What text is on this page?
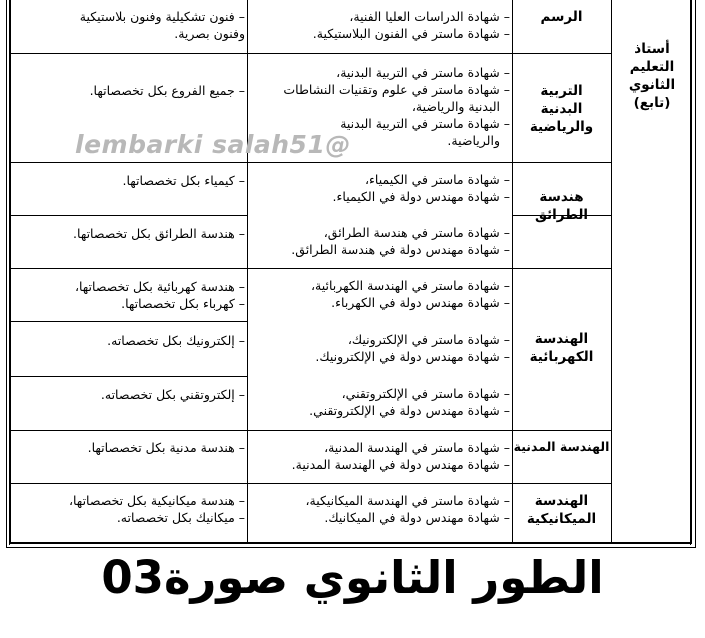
أستاذ
التعليم
الثانوي
(تابع)
الرسم
التربية
البدنية
والرياضية
هندسة
الطرائق
الهندسة
الكهربائية
الهندسة المدنية
الهندسة
الميكانيكية
– شهادة الدراسات العليا الفنية،
– شهادة ماستر في الفنون البلاستيكية.
– شهادة ماستر في التربية البدنية،
– شهادة ماستر في علوم وتقنيات النشاطات
البدنية والرياضية،
– شهادة ماستر في التربية البدنية
والرياضية.
– شهادة ماستر في الكيمياء،
– شهادة مهندس دولة في الكيمياء.
– شهادة ماستر في هندسة الطرائق،
– شهادة مهندس دولة في هندسة الطرائق.
– شهادة ماستر في الهندسة الكهربائية،
– شهادة مهندس دولة في الكهرباء.
– شهادة ماستر في الإلكترونيك،
– شهادة مهندس دولة في الإلكترونيك.
– شهادة ماستر في الإلكتروتقني،
– شهادة مهندس دولة في الإلكتروتقني.
– شهادة ماستر في الهندسة المدنية،
– شهادة مهندس دولة في الهندسة المدنية.
– شهادة ماستر في الهندسة الميكانيكية،
– شهادة مهندس دولة في الميكانيك.
– فنون تشكيلية وفنون بلاستيكية
وفنون بصرية.
– جميع الفروع بكل تخصصاتها.
– كيمياء بكل تخصصاتها.
– هندسة الطرائق بكل تخصصاتها.
– هندسة كهربائية بكل تخصصاتها،
– كهرباء بكل تخصصاتها.
– إلكترونيك بكل تخصصاته.
– إلكتروتقني بكل تخصصاته.
– هندسة مدنية بكل تخصصاتها.
– هندسة ميكانيكية بكل تخصصاتها،
– ميكانيك بكل تخصصاته.
lembarki salah51@
الطور الثانوي صورة03
